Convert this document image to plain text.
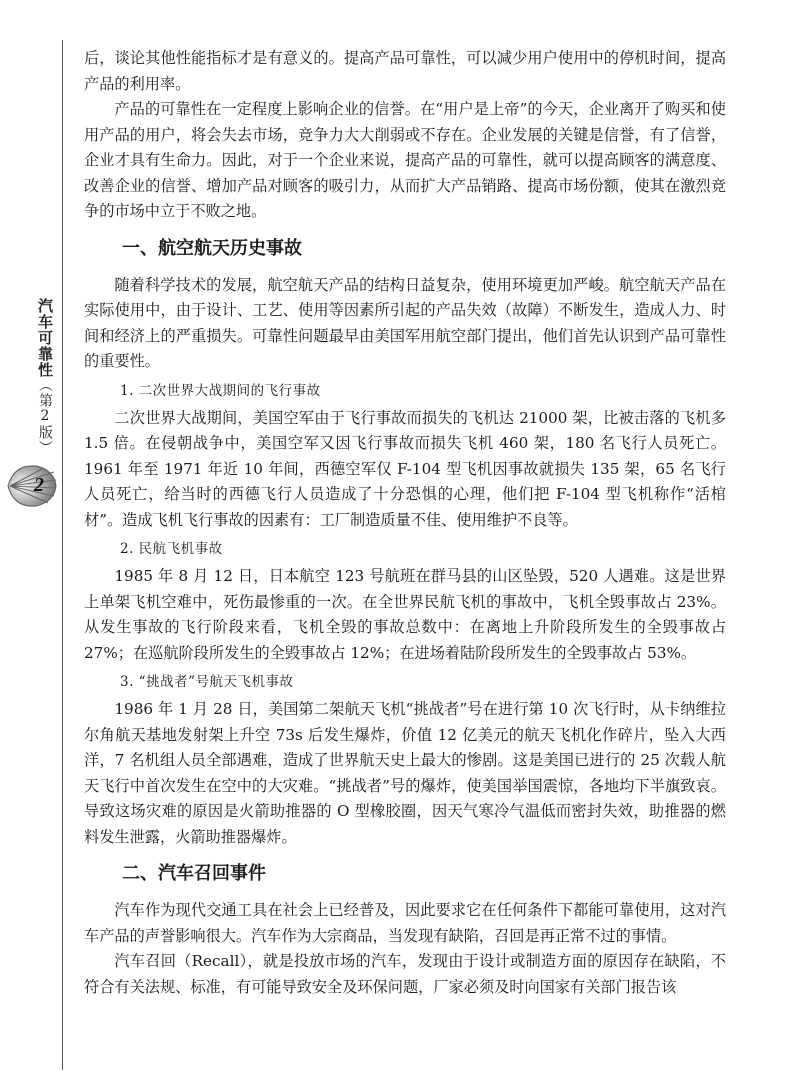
汽车可靠性（第2版）
2

后，谈论其他性能指标才是有意义的。提高产品可靠性，可以减少用户使用中的停机时间，提高产品的利用率。

产品的可靠性在一定程度上影响企业的信誉。在“用户是上帝”的今天，企业离开了购买和使用产品的用户，将会失去市场，竞争力大大削弱或不存在。企业发展的关键是信誉，有了信誉，企业才具有生命力。因此，对于一个企业来说，提高产品的可靠性，就可以提高顾客的满意度、改善企业的信誉、增加产品对顾客的吸引力，从而扩大产品销路、提高市场份额，使其在激烈竞争的市场中立于不败之地。

一、航空航天历史事故

随着科学技术的发展，航空航天产品的结构日益复杂，使用环境更加严峻。航空航天产品在实际使用中，由于设计、工艺、使用等因素所引起的产品失效（故障）不断发生，造成人力、时间和经济上的严重损失。可靠性问题最早由美国军用航空部门提出，他们首先认识到产品可靠性的重要性。

1. 二次世界大战期间的飞行事故

二次世界大战期间，美国空军由于飞行事故而损失的飞机达 21000 架，比被击落的飞机多 1.5 倍。在侵朝战争中，美国空军又因飞行事故而损失飞机 460 架，180 名飞行人员死亡。1961 年至 1971 年近 10 年间，西德空军仅 F-104 型飞机因事故就损失 135 架，65 名飞行人员死亡，给当时的西德飞行人员造成了十分恐惧的心理，他们把 F-104 型飞机称作“活棺材”。造成飞机飞行事故的因素有：工厂制造质量不佳、使用维护不良等。

2. 民航飞机事故

1985 年 8 月 12 日，日本航空 123 号航班在群马县的山区坠毁，520 人遇难。这是世界上单架飞机空难中，死伤最惨重的一次。在全世界民航飞机的事故中，飞机全毁事故占 23%。从发生事故的飞行阶段来看，飞机全毁的事故总数中：在离地上升阶段所发生的全毁事故占 27%；在巡航阶段所发生的全毁事故占 12%；在进场着陆阶段所发生的全毁事故占 53%。

3. “挑战者”号航天飞机事故

1986 年 1 月 28 日，美国第二架航天飞机“挑战者”号在进行第 10 次飞行时，从卡纳维拉尔角航天基地发射架上升空 73s 后发生爆炸，价值 12 亿美元的航天飞机化作碎片，坠入大西洋，7 名机组人员全部遇难，造成了世界航天史上最大的惨剧。这是美国已进行的 25 次载人航天飞行中首次发生在空中的大灾难。“挑战者”号的爆炸，使美国举国震惊，各地均下半旗致哀。导致这场灾难的原因是火箭助推器的 O 型橡胶圈，因天气寒冷气温低而密封失效，助推器的燃料发生泄露，火箭助推器爆炸。

二、汽车召回事件

汽车作为现代交通工具在社会上已经普及，因此要求它在任何条件下都能可靠使用，这对汽车产品的声誉影响很大。汽车作为大宗商品，当发现有缺陷，召回是再正常不过的事情。

汽车召回（Recall），就是投放市场的汽车，发现由于设计或制造方面的原因存在缺陷，不符合有关法规、标准，有可能导致安全及环保问题，厂家必须及时向国家有关部门报告该
